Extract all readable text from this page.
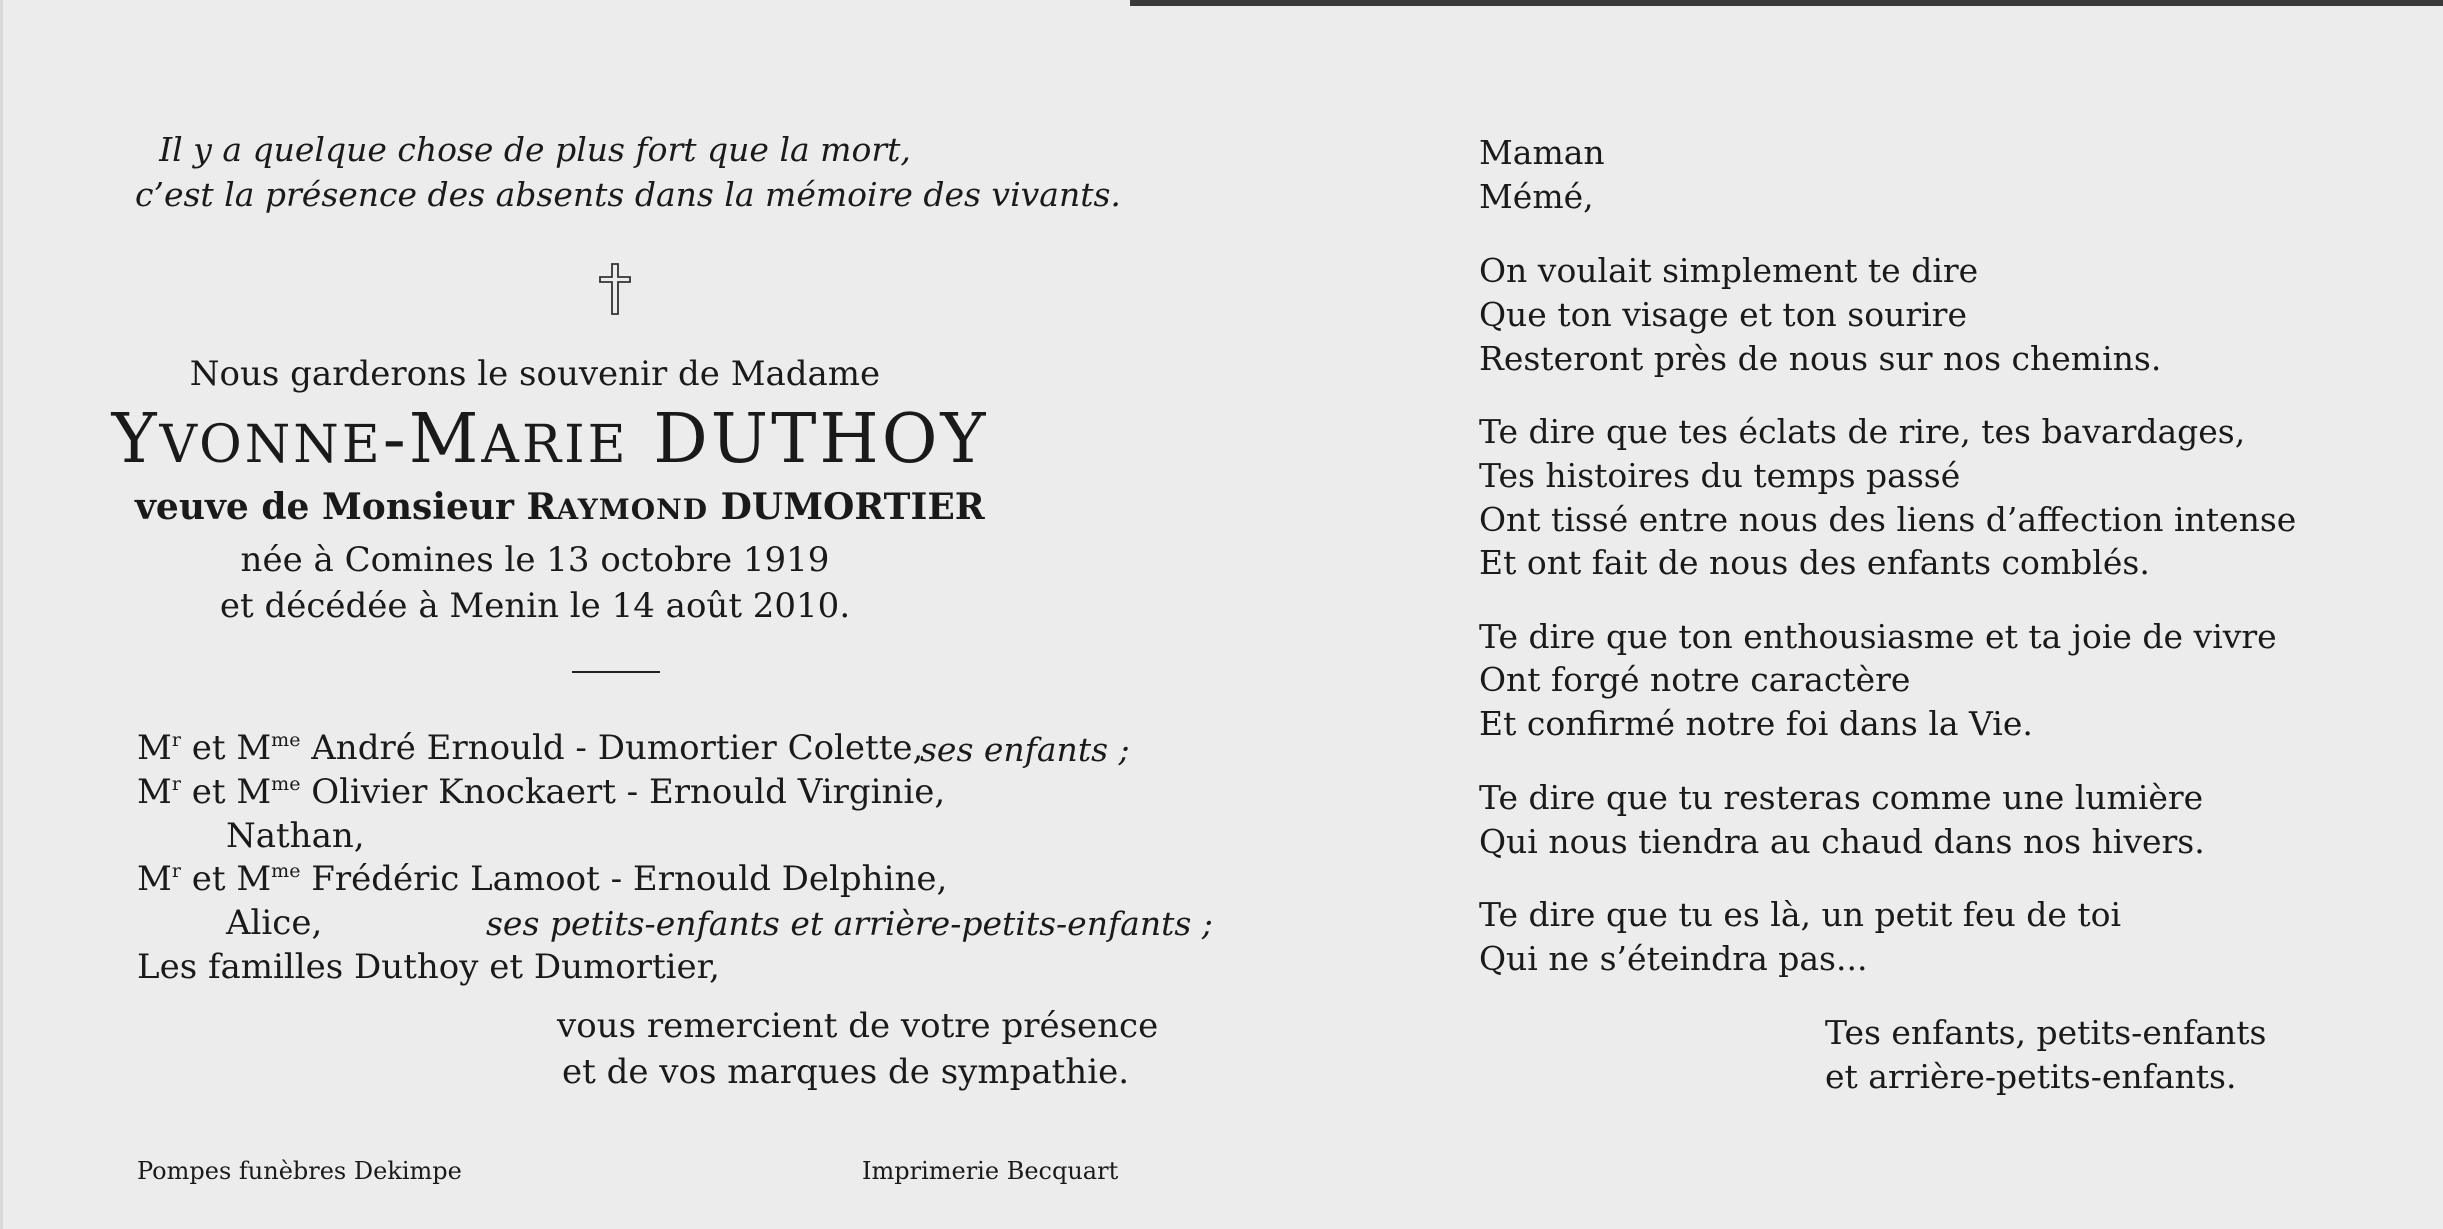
Il y a quelque chose de plus fort que la mort,
c’est la présence des absents dans la mémoire des vivants.
Nous garderons le souvenir de Madame
YVONNE-MARIE DUTHOY
veuve de Monsieur RAYMOND DUMORTIER
née à Comines le 13 octobre 1919
et décédée à Menin le 14 août 2010.
$M^r$ et $M^{me}$ André Ernould - Dumortier Colette,
ses enfants ;
$M^r$ et $M^{me}$ Olivier Knockaert - Ernould Virginie,
Nathan,
$M^r$ et $M^{me}$ Frédéric Lamoot - Ernould Delphine,
Alice,	ses petits-enfants et arrière-petits-enfants ;
Les familles Duthoy et Dumortier,
vous remercient de votre présence
et de vos marques de sympathie.
Pompes funèbres Dekimpe	Imprimerie Becquart
Maman
Mémé,
On voulait simplement te dire
Que ton visage et ton sourire
Resteront près de nous sur nos chemins.
Te dire que tes éclats de rire, tes bavardages,
Tes histoires du temps passé
Ont tissé entre nous des liens d’affection intense
Et ont fait de nous des enfants comblés.
Te dire que ton enthousiasme et ta joie de vivre
Ont forgé notre caractère
Et confirmé notre foi dans la Vie.
Te dire que tu resteras comme une lumière
Qui nous tiendra au chaud dans nos hivers.
Te dire que tu es là, un petit feu de toi
Qui ne s’éteindra pas...
Tes enfants, petits-enfants
et arrière-petits-enfants.
